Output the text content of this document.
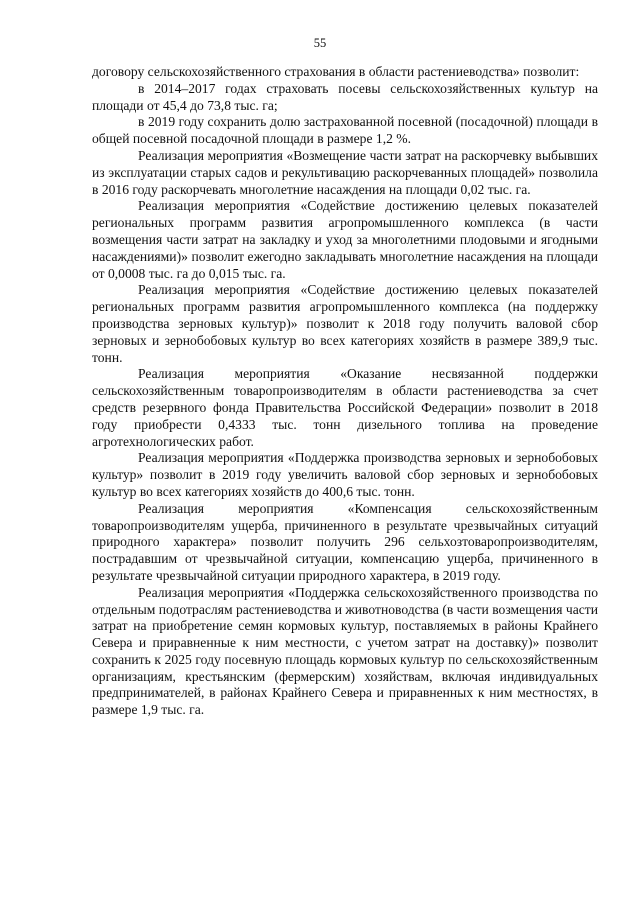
55

договору сельскохозяйственного страхования в области растениеводства» позволит:

в 2014–2017 годах страховать посевы сельскохозяйственных культур на площади от 45,4 до 73,8 тыс. га;

в 2019 году сохранить долю застрахованной посевной (посадочной) площади в общей посевной посадочной площади в размере 1,2 %.

Реализация мероприятия «Возмещение части затрат на раскорчевку выбывших из эксплуатации старых садов и рекультивацию раскорчеванных площадей» позволила в 2016 году раскорчевать многолетние насаждения на площади 0,02 тыс. га.

Реализация мероприятия «Содействие достижению целевых показателей региональных программ развития агропромышленного комплекса (в части возмещения части затрат на закладку и уход за многолетними плодовыми и ягодными насаждениями)» позволит ежегодно закладывать многолетние насаждения на площади от 0,0008 тыс. га до 0,015 тыс. га.

Реализация мероприятия «Содействие достижению целевых показателей региональных программ развития агропромышленного комплекса (на поддержку производства зерновых культур)» позволит к 2018 году получить валовой сбор зерновых и зернобобовых культур во всех категориях хозяйств в размере 389,9 тыс. тонн.

Реализация мероприятия «Оказание несвязанной поддержки сельскохозяйственным товаропроизводителям в области растениеводства за счет средств резервного фонда Правительства Российской Федерации» позволит в 2018 году приобрести 0,4333 тыс. тонн дизельного топлива на проведение агротехнологических работ.

Реализация мероприятия «Поддержка производства зерновых и зернобобовых культур» позволит в 2019 году увеличить валовой сбор зерновых и зернобобовых культур во всех категориях хозяйств до 400,6 тыс. тонн.

Реализация мероприятия «Компенсация сельскохозяйственным товаропроизводителям ущерба, причиненного в результате чрезвычайных ситуаций природного характера» позволит получить 296 сельхозтоваропроизводителям, пострадавшим от чрезвычайной ситуации, компенсацию ущерба, причиненного в результате чрезвычайной ситуации природного характера, в 2019 году.

Реализация мероприятия «Поддержка сельскохозяйственного производства по отдельным подотраслям растениеводства и животноводства (в части возмещения части затрат на приобретение семян кормовых культур, поставляемых в районы Крайнего Севера и приравненные к ним местности, с учетом затрат на доставку)» позволит сохранить к 2025 году посевную площадь кормовых культур по сельскохозяйственным организациям, крестьянским (фермерским) хозяйствам, включая индивидуальных предпринимателей, в районах Крайнего Севера и приравненных к ним местностях, в размере 1,9 тыс. га.
